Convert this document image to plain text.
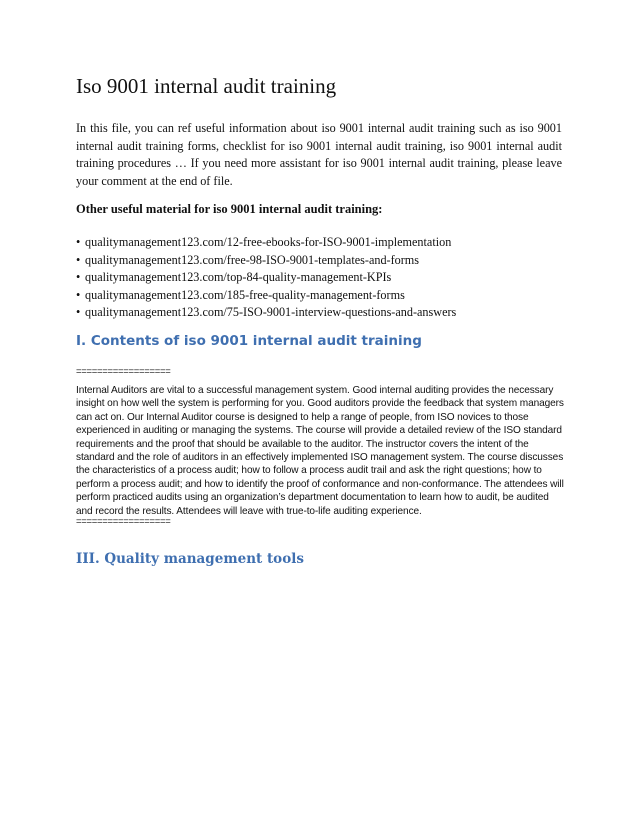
Iso 9001 internal audit training
In this file, you can ref useful information about iso 9001 internal audit training such as iso 9001 internal audit training forms, checklist for iso 9001 internal audit training, iso 9001 internal audit training procedures … If you need more assistant for iso 9001 internal audit training, please leave your comment at the end of file.
Other useful material for iso 9001 internal audit training:
• qualitymanagement123.com/12-free-ebooks-for-ISO-9001-implementation
• qualitymanagement123.com/free-98-ISO-9001-templates-and-forms
• qualitymanagement123.com/top-84-quality-management-KPIs
• qualitymanagement123.com/185-free-quality-management-forms
• qualitymanagement123.com/75-ISO-9001-interview-questions-and-answers
I. Contents of iso 9001 internal audit training
==================
Internal Auditors are vital to a successful management system. Good internal auditing provides the necessary insight on how well the system is performing for you. Good auditors provide the feedback that system managers can act on. Our Internal Auditor course is designed to help a range of people, from ISO novices to those experienced in auditing or managing the systems. The course will provide a detailed review of the ISO standard requirements and the proof that should be available to the auditor. The instructor covers the intent of the standard and the role of auditors in an effectively implemented ISO management system. The course discusses the characteristics of a process audit; how to follow a process audit trail and ask the right questions; how to perform a process audit; and how to identify the proof of conformance and non-conformance. The attendees will perform practiced audits using an organization’s department documentation to learn how to audit, be audited and record the results. Attendees will leave with true-to-life auditing experience.
==================
III. Quality management tools
